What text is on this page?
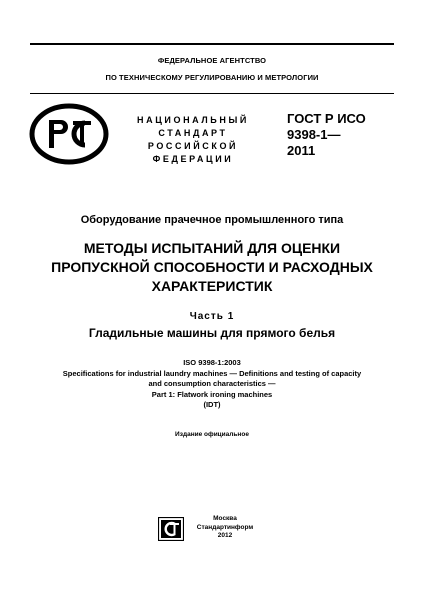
ФЕДЕРАЛЬНОЕ АГЕНТСТВО
ПО ТЕХНИЧЕСКОМУ РЕГУЛИРОВАНИЮ И МЕТРОЛОГИИ
НАЦИОНАЛЬНЫЙ
СТАНДАРТ
РОССИЙСКОЙ
ФЕДЕРАЦИИ
ГОСТ Р ИСО
9398-1—
2011
Оборудование прачечное промышленного типа
МЕТОДЫ ИСПЫТАНИЙ ДЛЯ ОЦЕНКИ
ПРОПУСКНОЙ СПОСОБНОСТИ И РАСХОДНЫХ
ХАРАКТЕРИСТИК
Часть 1
Гладильные машины для прямого белья
ISO 9398-1:2003
Specifications for industrial laundry machines — Definitions and testing of capacity
and consumption characteristics —
Part 1: Flatwork ironing machines
(IDT)
Издание официальное
Москва
Стандартинформ
2012
